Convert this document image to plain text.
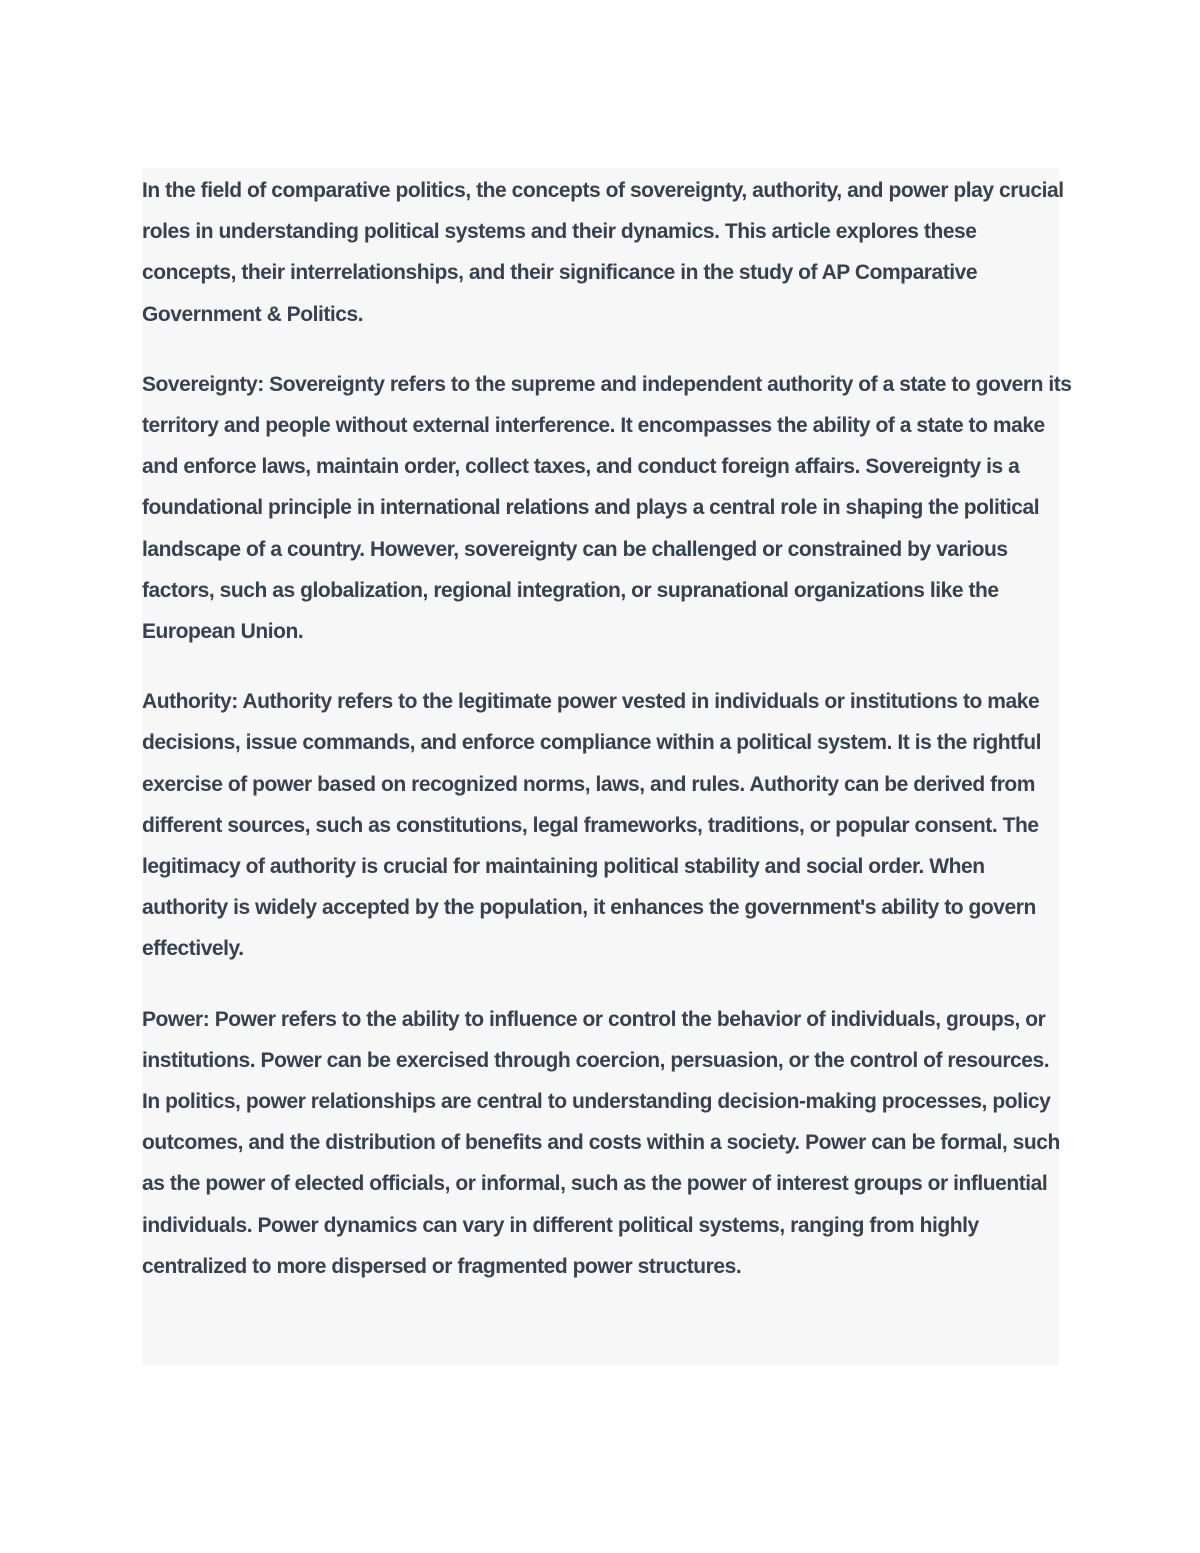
In the field of comparative politics, the concepts of sovereignty, authority, and power play crucial roles in understanding political systems and their dynamics. This article explores these concepts, their interrelationships, and their significance in the study of AP Comparative Government & Politics.

Sovereignty: Sovereignty refers to the supreme and independent authority of a state to govern its territory and people without external interference. It encompasses the ability of a state to make and enforce laws, maintain order, collect taxes, and conduct foreign affairs. Sovereignty is a foundational principle in international relations and plays a central role in shaping the political landscape of a country. However, sovereignty can be challenged or constrained by various factors, such as globalization, regional integration, or supranational organizations like the European Union.

Authority: Authority refers to the legitimate power vested in individuals or institutions to make decisions, issue commands, and enforce compliance within a political system. It is the rightful exercise of power based on recognized norms, laws, and rules. Authority can be derived from different sources, such as constitutions, legal frameworks, traditions, or popular consent. The legitimacy of authority is crucial for maintaining political stability and social order. When authority is widely accepted by the population, it enhances the government's ability to govern effectively.

Power: Power refers to the ability to influence or control the behavior of individuals, groups, or institutions. Power can be exercised through coercion, persuasion, or the control of resources. In politics, power relationships are central to understanding decision-making processes, policy outcomes, and the distribution of benefits and costs within a society. Power can be formal, such as the power of elected officials, or informal, such as the power of interest groups or influential individuals. Power dynamics can vary in different political systems, ranging from highly centralized to more dispersed or fragmented power structures.
